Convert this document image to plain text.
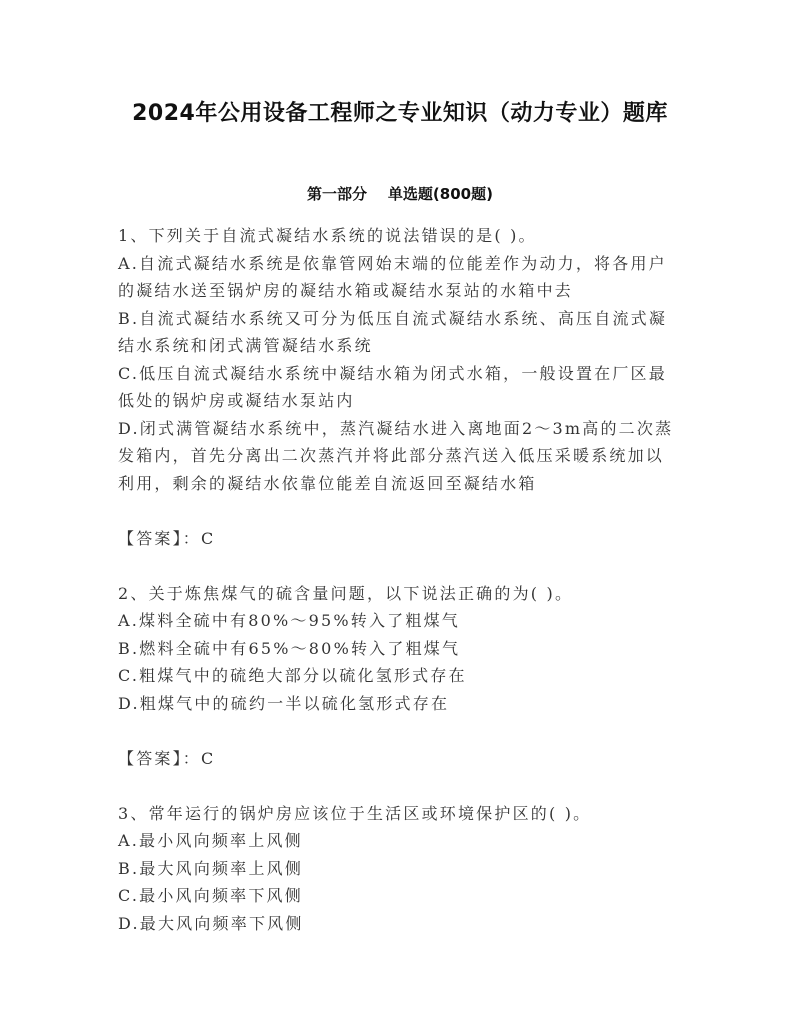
2024年公用设备工程师之专业知识（动力专业）题库
第一部分    单选题(800题)
1、下列关于自流式凝结水系统的说法错误的是( )。
A.自流式凝结水系统是依靠管网始末端的位能差作为动力，将各用户
的凝结水送至锅炉房的凝结水箱或凝结水泵站的水箱中去
B.自流式凝结水系统又可分为低压自流式凝结水系统、高压自流式凝
结水系统和闭式满管凝结水系统
C.低压自流式凝结水系统中凝结水箱为闭式水箱，一般设置在厂区最
低处的锅炉房或凝结水泵站内
D.闭式满管凝结水系统中，蒸汽凝结水进入离地面2～3m高的二次蒸
发箱内，首先分离出二次蒸汽并将此部分蒸汽送入低压采暖系统加以
利用，剩余的凝结水依靠位能差自流返回至凝结水箱
【答案】：C
2、关于炼焦煤气的硫含量问题，以下说法正确的为( )。
A.煤料全硫中有80%～95%转入了粗煤气
B.燃料全硫中有65%～80%转入了粗煤气
C.粗煤气中的硫绝大部分以硫化氢形式存在
D.粗煤气中的硫约一半以硫化氢形式存在
【答案】：C
3、常年运行的锅炉房应该位于生活区或环境保护区的( )。
A.最小风向频率上风侧
B.最大风向频率上风侧
C.最小风向频率下风侧
D.最大风向频率下风侧
